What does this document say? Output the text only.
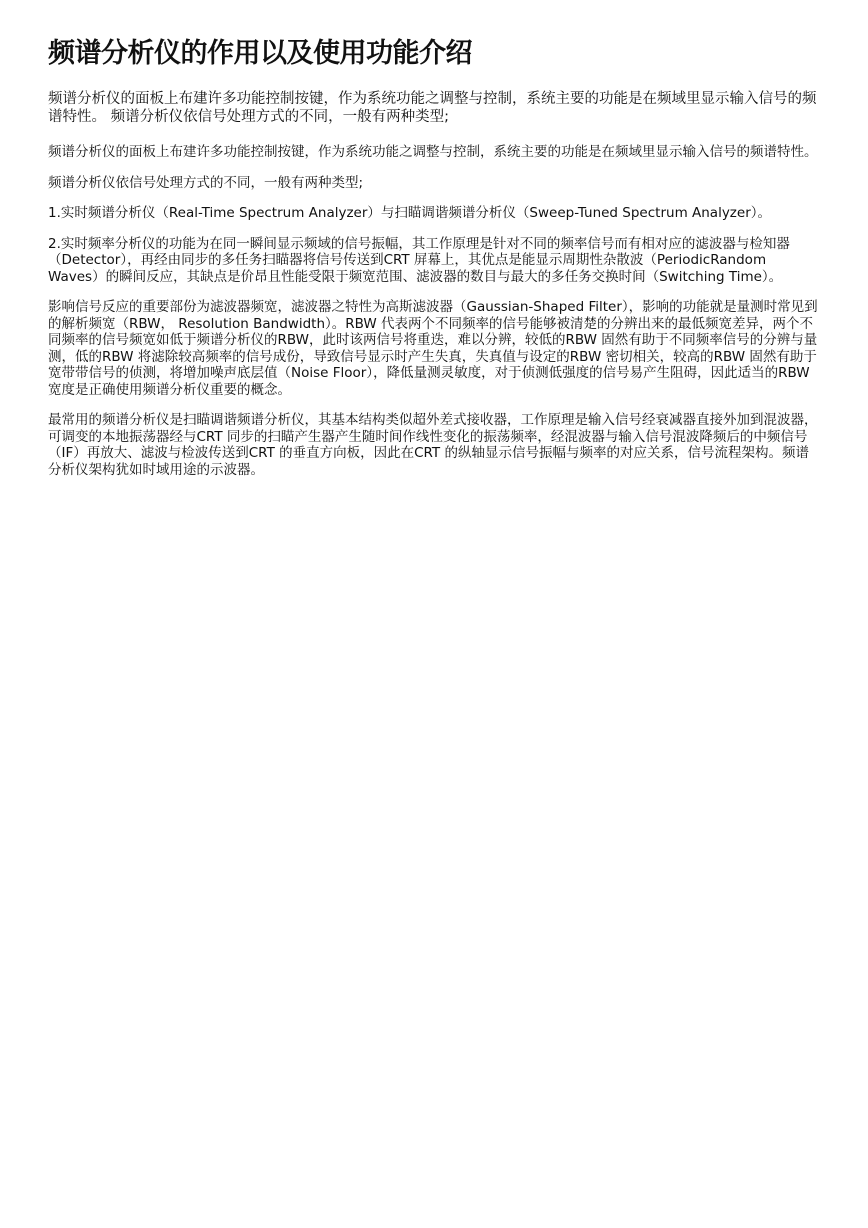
频谱分析仪的作用以及使用功能介绍

频谱分析仪的面板上布建许多功能控制按键，作为系统功能之调整与控制，系统主要的功能是在频域里显示输入信号的频谱特性。 频谱分析仪依信号处理方式的不同，一般有两种类型;

频谱分析仪的面板上布建许多功能控制按键，作为系统功能之调整与控制，系统主要的功能是在频域里显示输入信号的频谱特性。

频谱分析仪依信号处理方式的不同，一般有两种类型;

1.实时频谱分析仪（Real-Time Spectrum Analyzer）与扫瞄调谐频谱分析仪（Sweep-Tuned Spectrum Analyzer）。

2.实时频率分析仪的功能为在同一瞬间显示频域的信号振幅，其工作原理是针对不同的频率信号而有相对应的滤波器与检知器（Detector），再经由同步的多任务扫瞄器将信号传送到CRT 屏幕上，其优点是能显示周期性杂散波（PeriodicRandom Waves）的瞬间反应，其缺点是价昂且性能受限于频宽范围、滤波器的数目与最大的多任务交换时间（Switching Time）。

影响信号反应的重要部份为滤波器频宽，滤波器之特性为高斯滤波器（Gaussian-Shaped Filter），影响的功能就是量测时常见到的解析频宽（RBW， Resolution Bandwidth）。RBW 代表两个不同频率的信号能够被清楚的分辨出来的最低频宽差异，两个不同频率的信号频宽如低于频谱分析仪的RBW，此时该两信号将重迭，难以分辨，较低的RBW 固然有助于不同频率信号的分辨与量测，低的RBW 将滤除较高频率的信号成份，导致信号显示时产生失真，失真值与设定的RBW 密切相关，较高的RBW 固然有助于宽带带信号的侦测，将增加噪声底层值（Noise Floor），降低量测灵敏度，对于侦测低强度的信号易产生阻碍，因此适当的RBW 宽度是正确使用频谱分析仪重要的概念。

最常用的频谱分析仪是扫瞄调谐频谱分析仪，其基本结构类似超外差式接收器，工作原理是输入信号经衰减器直接外加到混波器，可调变的本地振荡器经与CRT 同步的扫瞄产生器产生随时间作线性变化的振荡频率，经混波器与输入信号混波降频后的中频信号（IF）再放大、滤波与检波传送到CRT 的垂直方向板，因此在CRT 的纵轴显示信号振幅与频率的对应关系，信号流程架构。频谱分析仪架构犹如时域用途的示波器。
